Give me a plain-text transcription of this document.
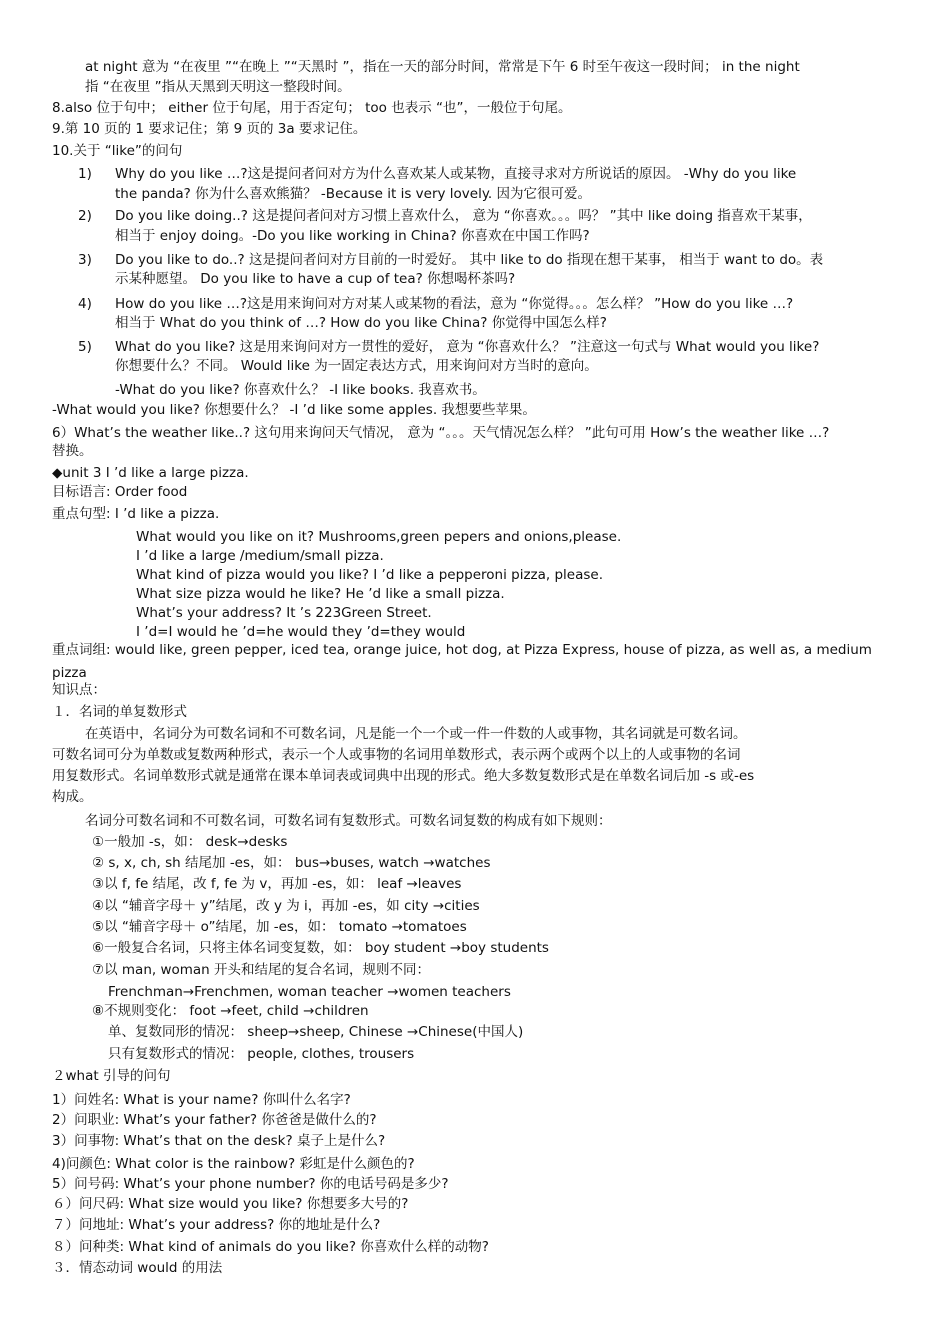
at night 意为 “在夜里 ”“在晚上 ”“天黑时 ”，指在一天的部分时间，常常是下午 6 时至午夜这一段时间； in the night
指 “在夜里 ”指从天黑到天明这一整段时间。
8.also 位于句中； either 位于句尾，用于否定句； too 也表示 “也”，一般位于句尾。
9.第 10 页的 1 要求记住；第 9 页的 3a 要求记住。
10.关于 “like”的问句
1) Why do you like …?这是提问者问对方为什么喜欢某人或某物，直接寻求对方所说话的原因。 -Why do you like
the panda? 你为什么喜欢熊猫？ -Because it is very lovely. 因为它很可爱。
2) Do you like doing..? 这是提问者问对方习惯上喜欢什么， 意为 “你喜欢。。。吗？ ”其中 like doing 指喜欢干某事，
相当于 enjoy doing。-Do you like working in China? 你喜欢在中国工作吗?
3) Do you like to do..? 这是提问者问对方目前的一时爱好。 其中 like to do 指现在想干某事， 相当于 want to do。表
示某种愿望。 Do you like to have a cup of tea? 你想喝杯茶吗?
4) How do you like …?这是用来询问对方对某人或某物的看法，意为 “你觉得。。。怎么样？ ”How do you like …?
相当于 What do you think of …? How do you like China? 你觉得中国怎么样?
5) What do you like? 这是用来询问对方一贯性的爱好， 意为 “你喜欢什么？ ”注意这一句式与 What would you like?
你想要什么？不同。 Would like 为一固定表达方式，用来询问对方当时的意向。
-What do you like? 你喜欢什么？ -I like books. 我喜欢书。
-What would you like? 你想要什么？ -I ’d like some apples. 我想要些苹果。
6）What’s the weather like..? 这句用来询问天气情况， 意为 “。。。天气情况怎么样？ ”此句可用 How’s the weather like …?
替换。
◆unit 3 I ’d like a large pizza.
目标语言: Order food
重点句型: I ’d like a pizza.
What would you like on it? Mushrooms,green pepers and onions,please.
I ’d like a large /medium/small pizza.
What kind of pizza would you like? I ’d like a pepperoni pizza, please.
What size pizza would he like? He ’d like a small pizza.
What’s your address? It ’s 223Green Street.
I ’d=I would he ’d=he would they ’d=they would
重点词组: would like, green pepper, iced tea, orange juice, hot dog, at Pizza Express, house of pizza, as well as, a medium
pizza
知识点：
１．名词的单复数形式
在英语中，名词分为可数名词和不可数名词，凡是能一个一个或一件一件数的人或事物，其名词就是可数名词。
可数名词可分为单数或复数两种形式，表示一个人或事物的名词用单数形式，表示两个或两个以上的人或事物的名词
用复数形式。名词单数形式就是通常在课本单词表或词典中出现的形式。绝大多数复数形式是在单数名词后加 -s 或-es
构成。
名词分可数名词和不可数名词，可数名词有复数形式。可数名词复数的构成有如下规则：
①一般加 -s，如： desk→desks
② s, x, ch, sh 结尾加 -es，如： bus→buses, watch →watches
③以 f, fe 结尾，改 f, fe 为 v，再加 -es，如： leaf →leaves
④以 “辅音字母＋ y”结尾，改 y 为 i，再加 -es，如 city →cities
⑤以 “辅音字母＋ o”结尾，加 -es，如： tomato →tomatoes
⑥一般复合名词，只将主体名词变复数，如： boy student →boy students
⑦以 man, woman 开头和结尾的复合名词，规则不同：
Frenchman→Frenchmen, woman teacher →women teachers
⑧不规则变化： foot →feet, child →children
单、复数同形的情况： sheep→sheep, Chinese →Chinese(中国人)
只有复数形式的情况： people, clothes, trousers
２what 引导的问句
1）问姓名: What is your name? 你叫什么名字?
2）问职业: What’s your father? 你爸爸是做什么的?
3）问事物: What’s that on the desk? 桌子上是什么?
4)问颜色: What color is the rainbow? 彩虹是什么颜色的?
5）问号码: What’s your phone number? 你的电话号码是多少?
６）问尺码: What size would you like? 你想要多大号的?
７）问地址: What’s your address? 你的地址是什么?
８）问种类: What kind of animals do you like? 你喜欢什么样的动物?
３．情态动词 would 的用法
